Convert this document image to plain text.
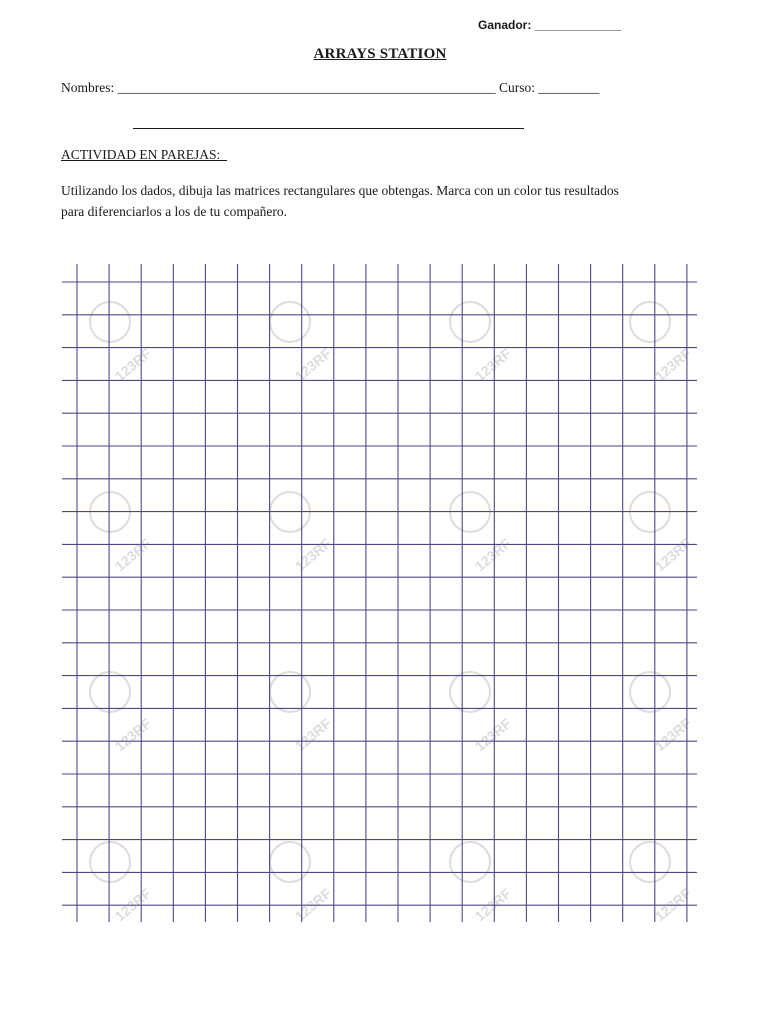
Ganador: _____________
ARRAYS STATION
Nombres: ________________________________________________________ Curso: _________
ACTIVIDAD EN PAREJAS:
Utilizando los dados, dibuja las matrices rectangulares que obtengas. Marca con un color tus resultados
para diferenciarlos a los de tu compañero.
123RF	123RF	123RF	123RF
123RF	123RF	123RF	123RF
123RF	123RF	123RF	123RF
123RF	123RF	123RF	123RF
